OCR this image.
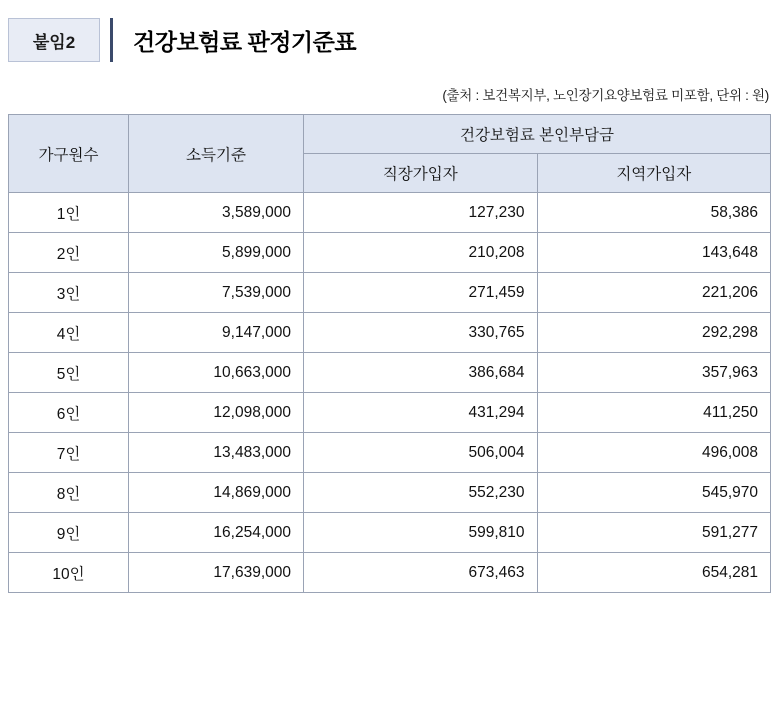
붙임2	건강보험료 판정기준표
(출처 : 보건복지부, 노인장기요양보험료 미포함, 단위 : 원)
가구원수	소득기준	건강보험료 본인부담금	
		직장가입자	지역가입자
1인	3,589,000	127,230	58,386
2인	5,899,000	210,208	143,648
3인	7,539,000	271,459	221,206
4인	9,147,000	330,765	292,298
5인	10,663,000	386,684	357,963
6인	12,098,000	431,294	411,250
7인	13,483,000	506,004	496,008
8인	14,869,000	552,230	545,970
9인	16,254,000	599,810	591,277
10인	17,639,000	673,463	654,281
